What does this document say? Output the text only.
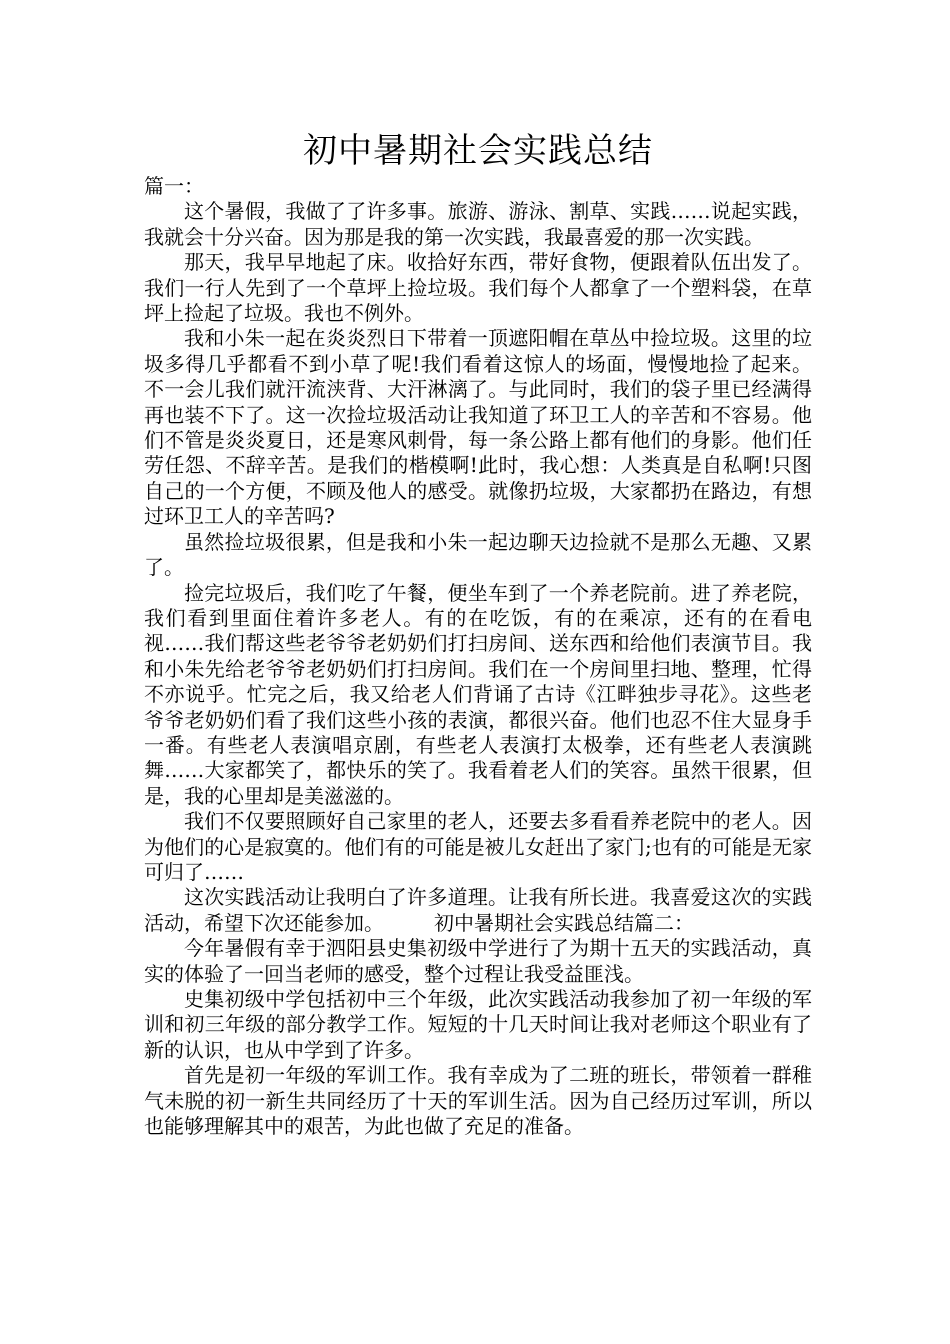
初中暑期社会实践总结

篇一：

这个暑假，我做了了许多事。旅游、游泳、割草、实践……说起实践，我就会十分兴奋。因为那是我的第一次实践，我最喜爱的那一次实践。

那天，我早早地起了床。收拾好东西，带好食物，便跟着队伍出发了。我们一行人先到了一个草坪上捡垃圾。我们每个人都拿了一个塑料袋，在草坪上捡起了垃圾。我也不例外。

我和小朱一起在炎炎烈日下带着一顶遮阳帽在草丛中捡垃圾。这里的垃圾多得几乎都看不到小草了呢!我们看着这惊人的场面，慢慢地捡了起来。不一会儿我们就汗流浃背、大汗淋漓了。与此同时，我们的袋子里已经满得再也装不下了。这一次捡垃圾活动让我知道了环卫工人的辛苦和不容易。他们不管是炎炎夏日，还是寒风刺骨，每一条公路上都有他们的身影。他们任劳任怨、不辞辛苦。是我们的楷模啊!此时，我心想：人类真是自私啊!只图自己的一个方便，不顾及他人的感受。就像扔垃圾，大家都扔在路边，有想过环卫工人的辛苦吗?

虽然捡垃圾很累，但是我和小朱一起边聊天边捡就不是那么无趣、又累了。

捡完垃圾后，我们吃了午餐，便坐车到了一个养老院前。进了养老院，我们看到里面住着许多老人。有的在吃饭，有的在乘凉，还有的在看电视……我们帮这些老爷爷老奶奶们打扫房间、送东西和给他们表演节目。我和小朱先给老爷爷老奶奶们打扫房间。我们在一个房间里扫地、整理，忙得不亦说乎。忙完之后，我又给老人们背诵了古诗《江畔独步寻花》。这些老爷爷老奶奶们看了我们这些小孩的表演，都很兴奋。他们也忍不住大显身手一番。有些老人表演唱京剧，有些老人表演打太极拳，还有些老人表演跳舞……大家都笑了，都快乐的笑了。我看着老人们的笑容。虽然干很累，但是，我的心里却是美滋滋的。

我们不仅要照顾好自己家里的老人，还要去多看看养老院中的老人。因为他们的心是寂寞的。他们有的可能是被儿女赶出了家门;也有的可能是无家可归了……

这次实践活动让我明白了许多道理。让我有所长进。我喜爱这次的实践活动，希望下次还能参加。　　　初中暑期社会实践总结篇二：

今年暑假有幸于泗阳县史集初级中学进行了为期十五天的实践活动，真实的体验了一回当老师的感受，整个过程让我受益匪浅。

史集初级中学包括初中三个年级，此次实践活动我参加了初一年级的军训和初三年级的部分教学工作。短短的十几天时间让我对老师这个职业有了新的认识，也从中学到了许多。

首先是初一年级的军训工作。我有幸成为了二班的班长，带领着一群稚气未脱的初一新生共同经历了十天的军训生活。因为自己经历过军训，所以也能够理解其中的艰苦，为此也做了充足的准备。
